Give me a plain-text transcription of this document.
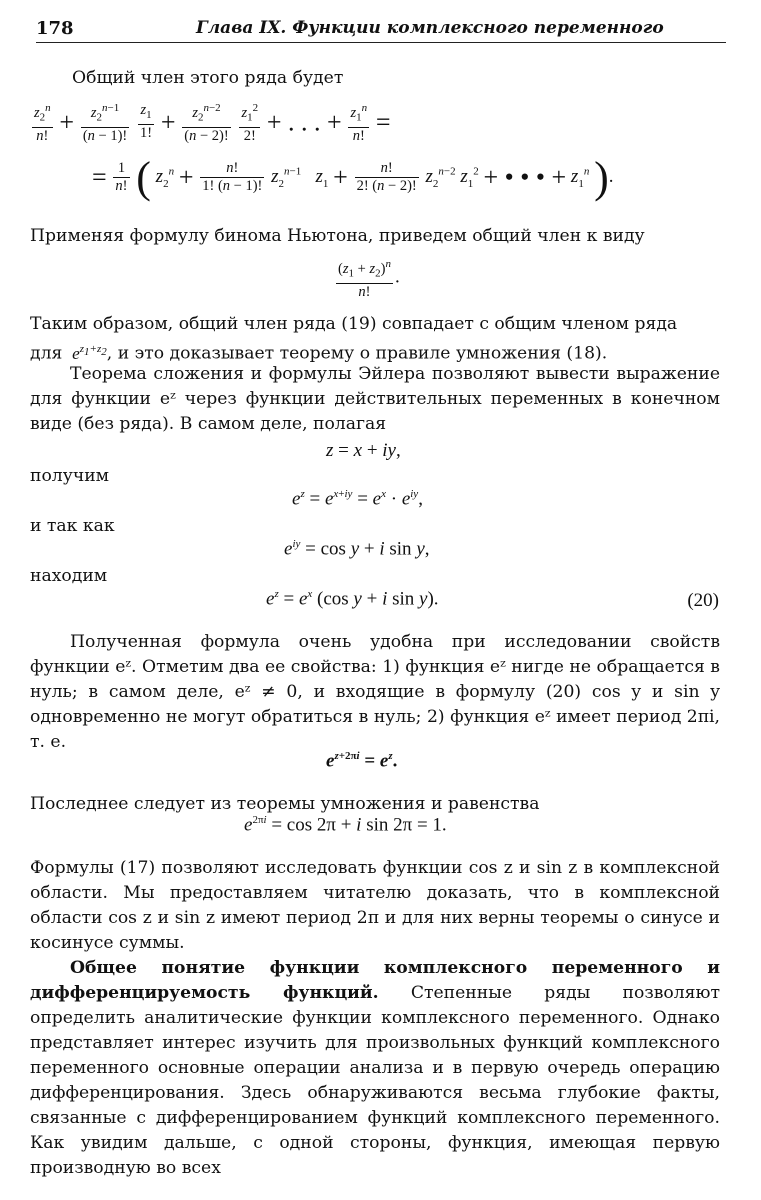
178	Глава IX. Функции комплексного переменного
Общий член этого ряда будет
$\frac{z_2^n}{n!} + \frac{z_2^{n-1}}{(n - 1)!}$
$\frac{z_1}{1!} + \frac{z_2^{n-2}}{(n - 2)!}$
$\frac{z_1^2}{2!}$ + . . . + $\frac{z_1^n}{n!}$ =
= $\frac{1}{n!}$ ( $z_2^n + \frac{n!}{1! (n - 1)!} z_2^{n-1}$ $z_1 + \frac{n!}{2! (n - 2)!} z_2^{n-2}$ $z_1^2$ + • • • + $z_1^n$ ).
Применяя формулу бинома Ньютона, приведем общий член к виду
$\frac{(z_1 + z_2)^n}{n!}$ .
Таким образом, общий член ряда (19) совпадает с общим членом ряда
для  $e^{z_1+z_2}$, и это доказывает теорему о правиле умножения (18).
Теорема сложения и формулы Эйлера позволяют вывести выражение для функции eᶻ через функции действительных переменных в конечном виде (без ряда). В самом деле, полагая
z = x + iy,
получим
$e^z = e^{x+iy} = e^x \cdot e^{iy}$,
и так как
$e^{iy} = \cos y + i$ sin y,
находим
$e^z = e^x$ (cos y + i sin y).	(20)
Полученная формула очень удобна при исследовании свойств функции eᶻ. Отметим два ее свойства: 1) функция eᶻ нигде не обращается в нуль; в самом деле, eᶻ ≠ 0, и входящие в формулу (20) cos y и sin y одновременно не могут обратиться в нуль; 2) функция eᶻ имеет период 2πi, т. е.
$e^{z+2\pi i} = e^z$.
Последнее следует из теоремы умножения и равенства
$e^{2\pi i} = \cos 2\pi + i$ sin 2π = 1.
Формулы (17) позволяют исследовать функции cos z и sin z в комплексной области. Мы предоставляем читателю доказать, что в комплексной области cos z и sin z имеют период 2π и для них верны теоремы о синусе и косинусе суммы.
Общее понятие функции комплексного переменного и дифференцируемость функций. Степенные ряды позволяют определить аналитические функции комплексного переменного. Однако представляет интерес изучить для произвольных функций комплексного переменного основные операции анализа и в первую очередь операцию дифференцирования. Здесь обнаруживаются весьма глубокие факты, связанные с дифференцированием функций комплексного переменного. Как увидим дальше, с одной стороны, функция, имеющая первую производную во всех
